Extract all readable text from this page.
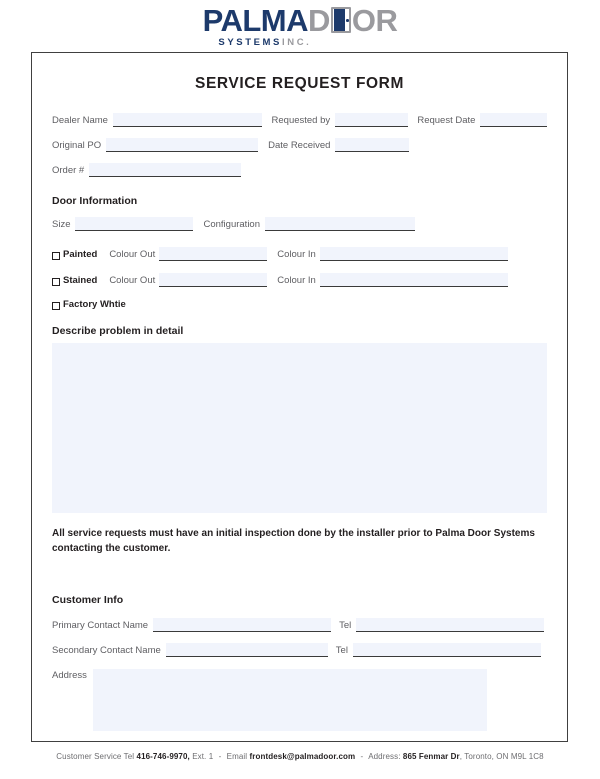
PALMA D OR
SYSTEMSINC.
SERVICE REQUEST FORM
Dealer Name	Requested by	Request Date
Original PO	Date Received
Order #
Door Information
Size	Configuration
Painted	Colour Out	Colour In
Stained	Colour Out	Colour In
Factory Whtie
Describe problem in detail
All service requests must have an initial inspection done by the installer prior to Palma Door Systems contacting the customer.
Customer Info
Primary Contact Name	Tel
Secondary Contact Name	Tel
Address
Customer Service Tel 416-746-9970, Ext. 1 - Email frontdesk@palmadoor.com - Address: 865 Fenmar Dr, Toronto, ON M9L 1C8
